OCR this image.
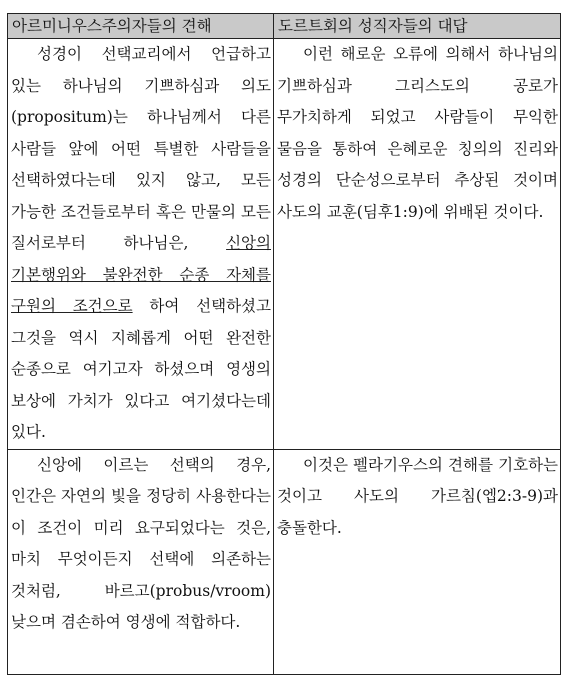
아르미니우스주의자들의 견해	도르트회의 성직자들의 대답

성경이 선택교리에서 언급하고 있는 하나님의 기쁘하심과 의도(propositum)는 하나님께서 다른 사람들 앞에 어떤 특별한 사람들을 선택하였다는데 있지 않고, 모든 가능한 조건들로부터 혹은 만물의 모든 질서로부터 하나님은, 신앙의 기본행위와 불완전한 순종 자체를 구원의 조건으로 하여 선택하셨고 그것을 역시 지혜롭게 어떤 완전한 순종으로 여기고자 하셨으며 영생의 보상에 가치가 있다고 여기셨다는데 있다.	이런 해로운 오류에 의해서 하나님의 기쁘하심과 그리스도의 공로가 무가치하게 되었고 사람들이 무익한 물음을 통하여 은혜로운 칭의의 진리와 성경의 단순성으로부터 추상된 것이며 사도의 교훈(딤후1:9)에 위배된 것이다.

신앙에 이르는 선택의 경우, 인간은 자연의 빛을 정당히 사용한다는 이 조건이 미리 요구되었다는 것은, 마치 무엇이든지 선택에 의존하는 것처럼, 바르고(probus/vroom) 낮으며 겸손하여 영생에 적합하다.	이것은 펠라기우스의 견해를 기호하는 것이고 사도의 가르침(엡2:3-9)과 충돌한다.
